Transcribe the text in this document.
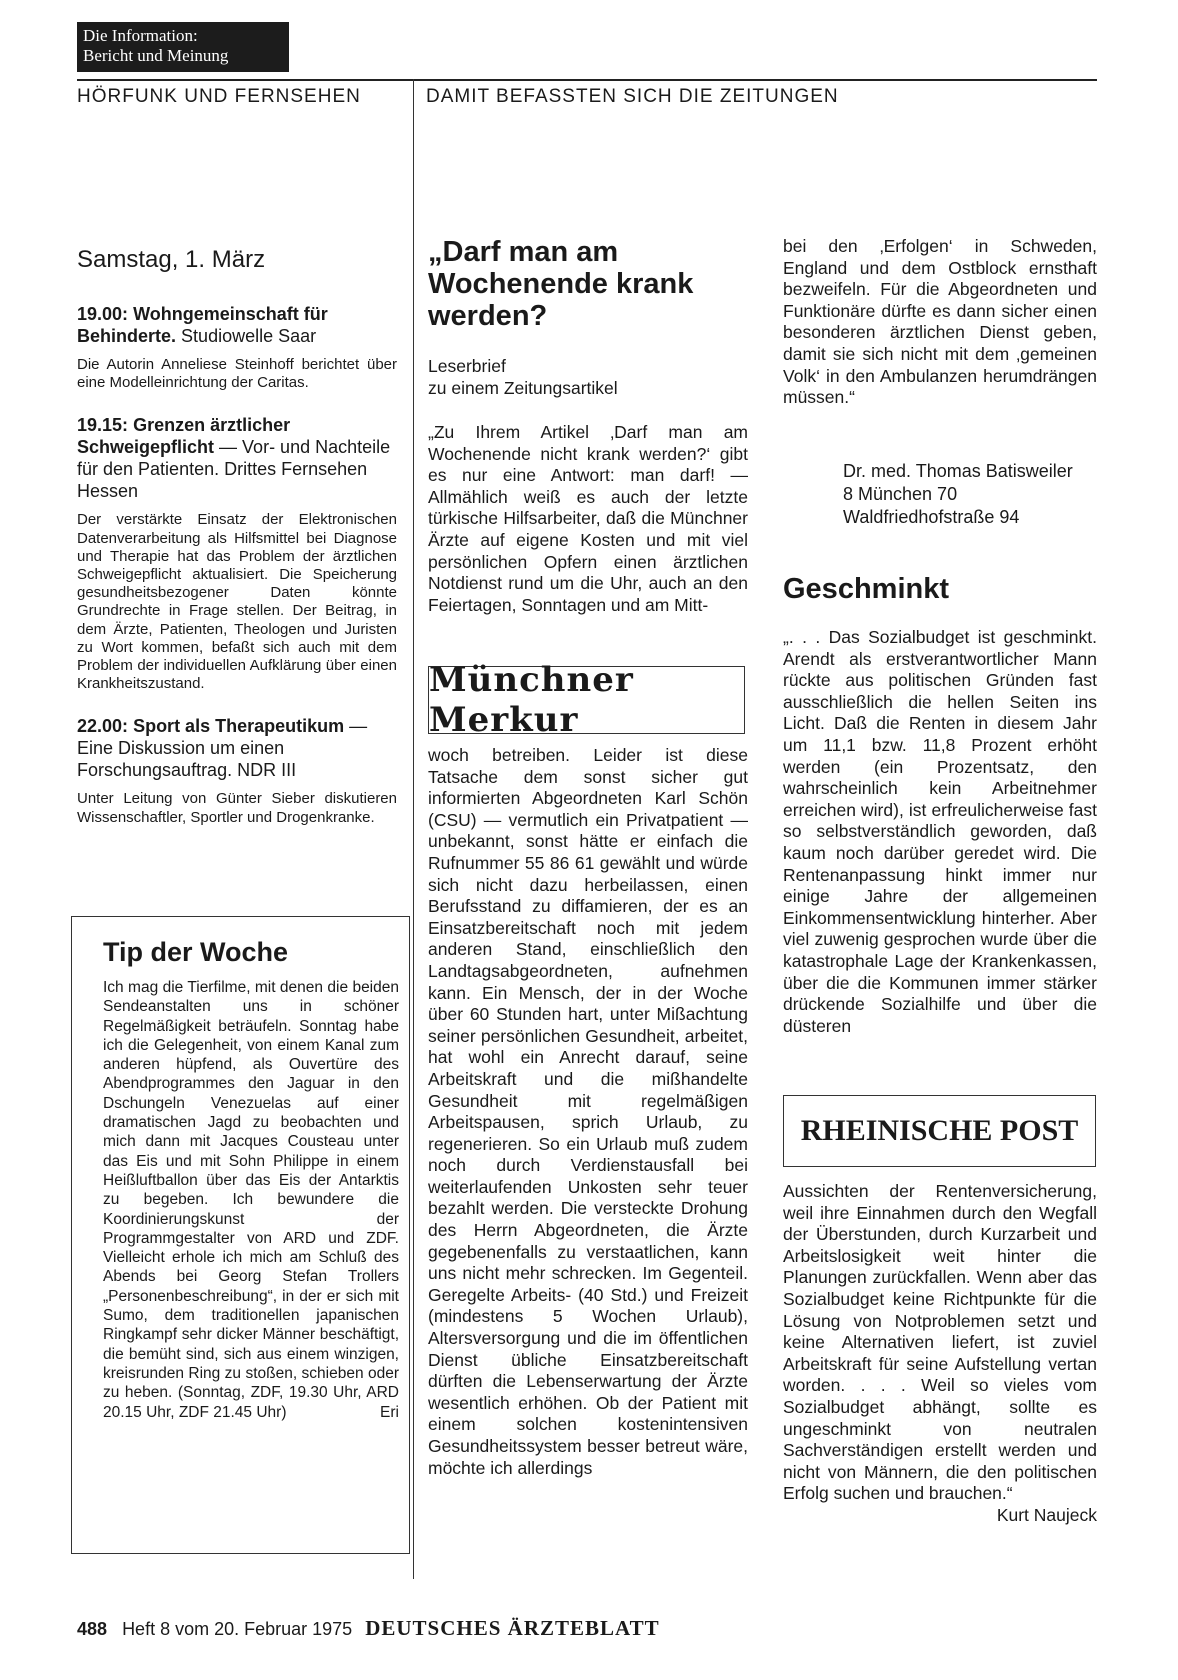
Die Information:
Bericht und Meinung
HÖRFUNK UND FERNSEHEN	DAMIT BEFASSTEN SICH DIE ZEITUNGEN
Samstag, 1. März

19.00: Wohngemeinschaft für Behinderte. Studiowelle Saar

Die Autorin Anneliese Steinhoff berichtet über eine Modelleinrichtung der Caritas.

19.15: Grenzen ärztlicher Schweigepflicht — Vor- und Nachteile für den Patienten. Drittes Fernsehen Hessen

Der verstärkte Einsatz der Elektronischen Datenverarbeitung als Hilfsmittel bei Diagnose und Therapie hat das Problem der ärztlichen Schweigepflicht aktualisiert. Die Speicherung gesundheitsbezogener Daten könnte Grundrechte in Frage stellen. Der Beitrag, in dem Ärzte, Patienten, Theologen und Juristen zu Wort kommen, befaßt sich auch mit dem Problem der individuellen Aufklärung über einen Krankheitszustand.

22.00: Sport als Therapeutikum — Eine Diskussion um einen Forschungsauftrag. NDR III

Unter Leitung von Günter Sieber diskutieren Wissenschaftler, Sportler und Drogenkranke.

Tip der Woche

Ich mag die Tierfilme, mit denen die beiden Sendeanstalten uns in schöner Regelmäßigkeit beträufeln. Sonntag habe ich die Gelegenheit, von einem Kanal zum anderen hüpfend, als Ouvertüre des Abendprogrammes den Jaguar in den Dschungeln Venezuelas auf einer dramatischen Jagd zu beobachten und mich dann mit Jacques Cousteau unter das Eis und mit Sohn Philippe in einem Heißluftballon über das Eis der Antarktis zu begeben. Ich bewundere die Koordinierungskunst der Programmgestalter von ARD und ZDF. Vielleicht erhole ich mich am Schluß des Abends bei Georg Stefan Trollers „Personenbeschreibung“, in der er sich mit Sumo, dem traditionellen japanischen Ringkampf sehr dicker Männer beschäftigt, die bemüht sind, sich aus einem winzigen, kreisrunden Ring zu stoßen, schieben oder zu heben. (Sonntag, ZDF, 19.30 Uhr, ARD 20.15 Uhr, ZDF 21.45 Uhr)	Eri

„Darf man am Wochenende krank werden?
Leserbrief
zu einem Zeitungsartikel
„Zu Ihrem Artikel ‚Darf man am Wochenende nicht krank werden?‘ gibt es nur eine Antwort: man darf! — Allmählich weiß es auch der letzte türkische Hilfsarbeiter, daß die Münchner Ärzte auf eigene Kosten und mit viel persönlichen Opfern einen ärztlichen Notdienst rund um die Uhr, auch an den Feiertagen, Sonntagen und am Mitt-
Münchner Merkur
woch betreiben. Leider ist diese Tatsache dem sonst sicher gut informierten Abgeordneten Karl Schön (CSU) — vermutlich ein Privatpatient — unbekannt, sonst hätte er einfach die Rufnummer 55 86 61 gewählt und würde sich nicht dazu herbeilassen, einen Berufsstand zu diffamieren, der es an Einsatzbereitschaft noch mit jedem anderen Stand, einschließlich den Landtagsabgeordneten, aufnehmen kann. Ein Mensch, der in der Woche über 60 Stunden hart, unter Mißachtung seiner persönlichen Gesundheit, arbeitet, hat wohl ein Anrecht darauf, seine Arbeitskraft und die mißhandelte Gesundheit mit regelmäßigen Arbeitspausen, sprich Urlaub, zu regenerieren. So ein Urlaub muß zudem noch durch Verdienstausfall bei weiterlaufenden Unkosten sehr teuer bezahlt werden. Die versteckte Drohung des Herrn Abgeordneten, die Ärzte gegebenenfalls zu verstaatlichen, kann uns nicht mehr schrecken. Im Gegenteil. Geregelte Arbeits- (40 Std.) und Freizeit (mindestens 5 Wochen Urlaub), Altersversorgung und die im öffentlichen Dienst übliche Einsatzbereitschaft dürften die Lebenserwartung der Ärzte wesentlich erhöhen. Ob der Patient mit einem solchen kostenintensiven Gesundheitssystem besser betreut wäre, möchte ich allerdings
bei den ‚Erfolgen‘ in Schweden, England und dem Ostblock ernsthaft bezweifeln. Für die Abgeordneten und Funktionäre dürfte es dann sicher einen besonderen ärztlichen Dienst geben, damit sie sich nicht mit dem ‚gemeinen Volk‘ in den Ambulanzen herumdrängen müssen.“
Dr. med. Thomas Batisweiler
8 München 70
Waldfriedhofstraße 94
Geschminkt
„. . . Das Sozialbudget ist geschminkt. Arendt als erstverantwortlicher Mann rückte aus politischen Gründen fast ausschließlich die hellen Seiten ins Licht. Daß die Renten in diesem Jahr um 11,1 bzw. 11,8 Prozent erhöht werden (ein Prozentsatz, den wahrscheinlich kein Arbeitnehmer erreichen wird), ist erfreulicherweise fast so selbstverständlich geworden, daß kaum noch darüber geredet wird. Die Rentenanpassung hinkt immer nur einige Jahre der allgemeinen Einkommensentwicklung hinterher. Aber viel zuwenig gesprochen wurde über die katastrophale Lage der Krankenkassen, über die die Kommunen immer stärker drückende Sozialhilfe und über die düsteren
RHEINISCHE POST
Aussichten der Rentenversicherung, weil ihre Einnahmen durch den Wegfall der Überstunden, durch Kurzarbeit und Arbeitslosigkeit weit hinter die Planungen zurückfallen. Wenn aber das Sozialbudget keine Richtpunkte für die Lösung von Notproblemen setzt und keine Alternativen liefert, ist zuviel Arbeitskraft für seine Aufstellung vertan worden. . . . Weil so vieles vom Sozialbudget abhängt, sollte es ungeschminkt von neutralen Sachverständigen erstellt werden und nicht von Männern, die den politischen Erfolg suchen und brauchen.“
Kurt Naujeck
488 Heft 8 vom 20. Februar 1975 DEUTSCHES ÄRZTEBLATT
